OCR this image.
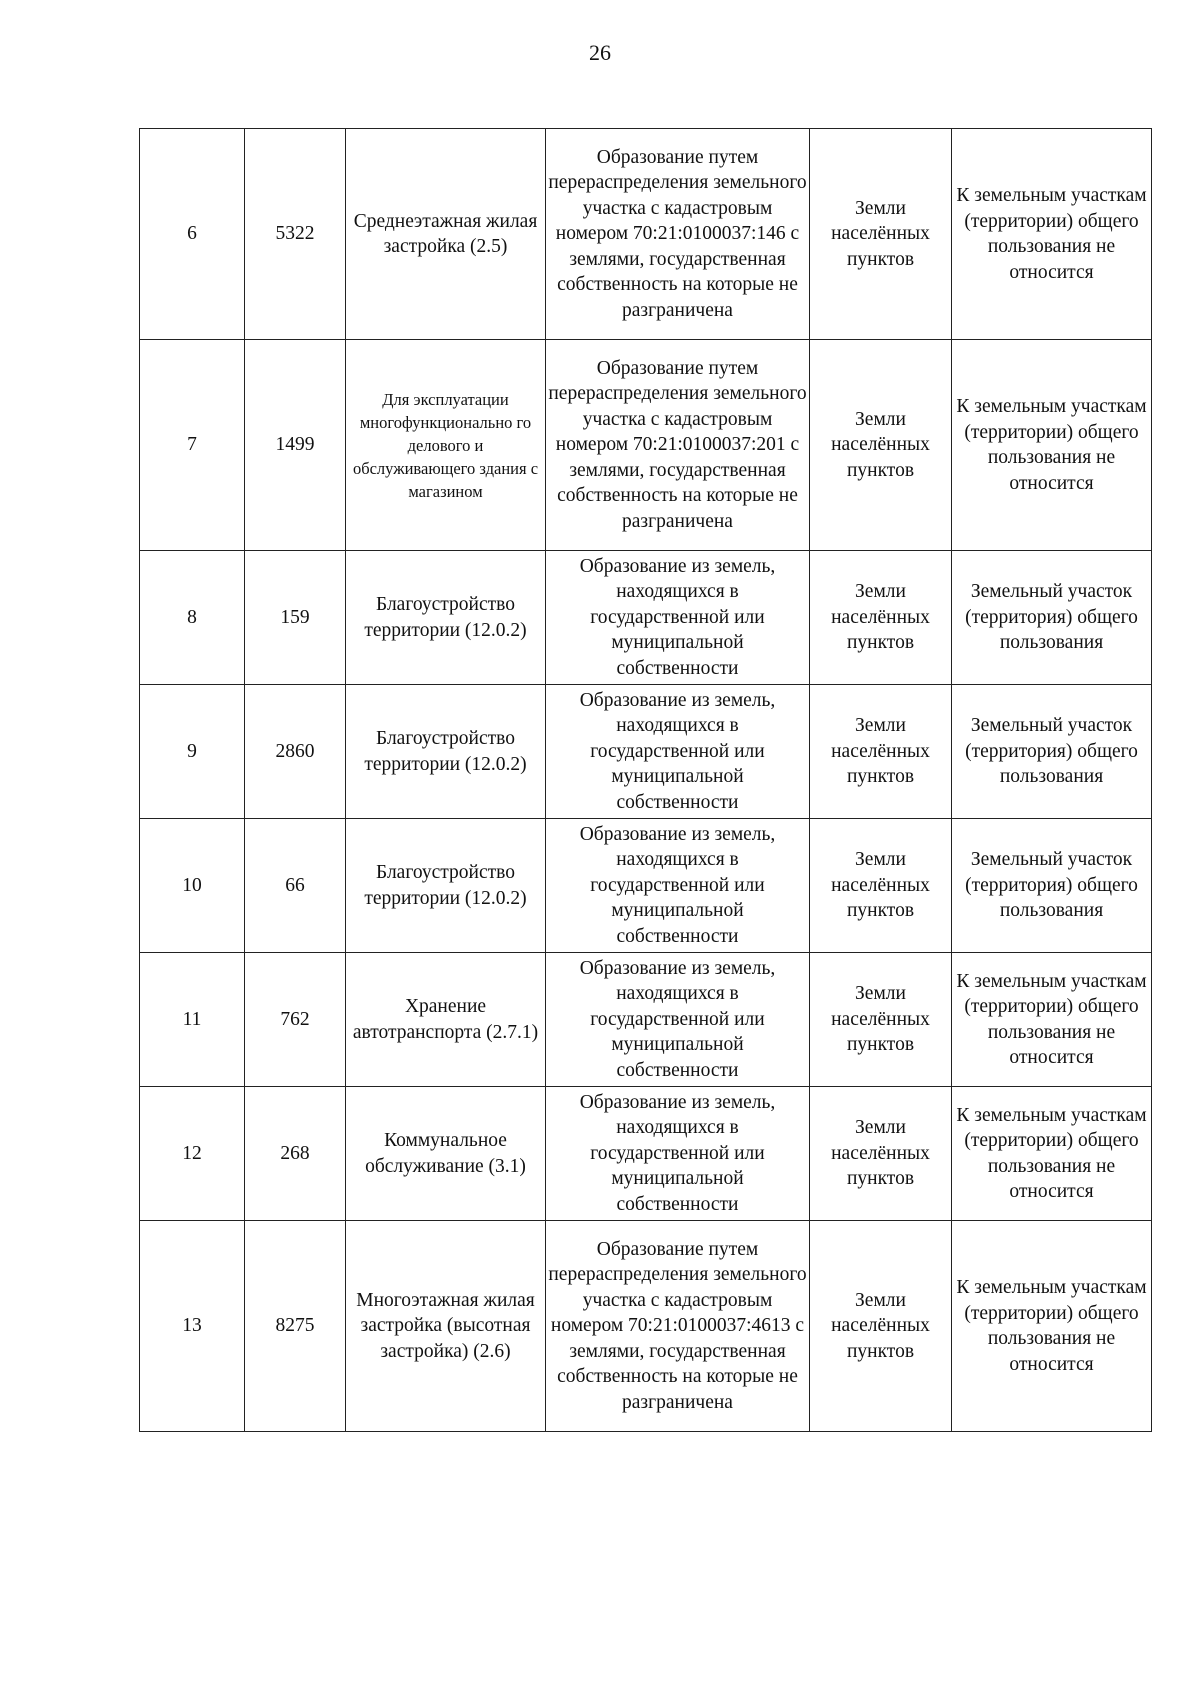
26
6	5322	Среднеэтажная жилая застройка (2.5)	Образование путем перераспределения земельного участка с кадастровым номером 70:21:0100037:146 с землями, государственная собственность на которые не разграничена	Земли населённых пунктов	К земельным участкам (территории) общего пользования не относится
7	1499	Для эксплуатации многофункционально го делового и обслуживающего здания с магазином	Образование путем перераспределения земельного участка с кадастровым номером 70:21:0100037:201 с землями, государственная собственность на которые не разграничена	Земли населённых пунктов	К земельным участкам (территории) общего пользования не относится
8	159	Благоустройство территории (12.0.2)	Образование из земель, находящихся в государственной или муниципальной собственности	Земли населённых пунктов	Земельный участок (территория) общего пользования
9	2860	Благоустройство территории (12.0.2)	Образование из земель, находящихся в государственной или муниципальной собственности	Земли населённых пунктов	Земельный участок (территория) общего пользования
10	66	Благоустройство территории (12.0.2)	Образование из земель, находящихся в государственной или муниципальной собственности	Земли населённых пунктов	Земельный участок (территория) общего пользования
11	762	Хранение автотранспорта (2.7.1)	Образование из земель, находящихся в государственной или муниципальной собственности	Земли населённых пунктов	К земельным участкам (территории) общего пользования не относится
12	268	Коммунальное обслуживание (3.1)	Образование из земель, находящихся в государственной или муниципальной собственности	Земли населённых пунктов	К земельным участкам (территории) общего пользования не относится
13	8275	Многоэтажная жилая застройка (высотная застройка) (2.6)	Образование путем перераспределения земельного участка с кадастровым номером 70:21:0100037:4613 с землями, государственная собственность на которые не разграничена	Земли населённых пунктов	К земельным участкам (территории) общего пользования не относится
